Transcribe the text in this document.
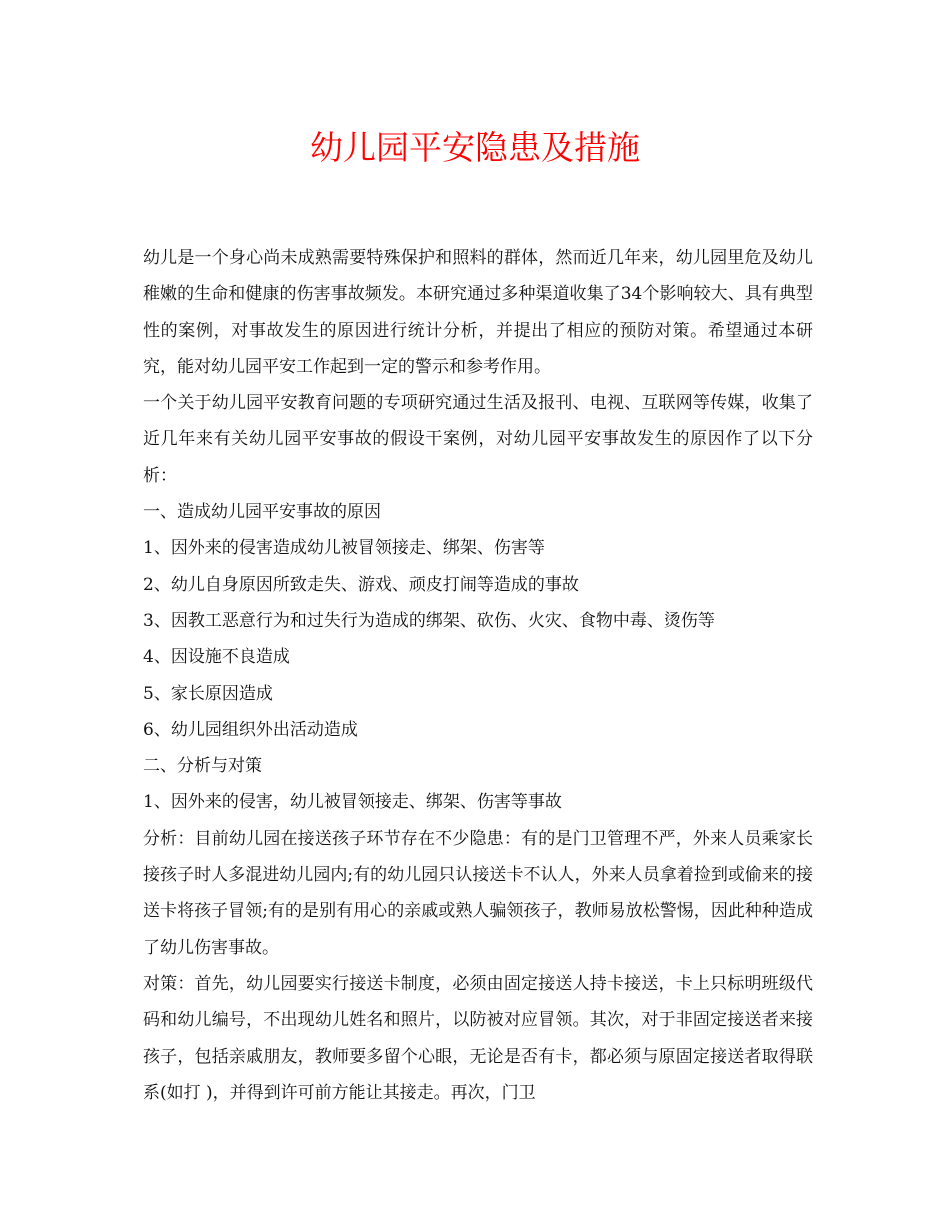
幼儿园平安隐患及措施

幼儿是一个身心尚未成熟需要特殊保护和照料的群体，然而近几年来，幼儿园里危及幼儿稚嫩的生命和健康的伤害事故频发。本研究通过多种渠道收集了34个影响较大、具有典型性的案例，对事故发生的原因进行统计分析，并提出了相应的预防对策。希望通过本研究，能对幼儿园平安工作起到一定的警示和参考作用。

一个关于幼儿园平安教育问题的专项研究通过生活及报刊、电视、互联网等传媒，收集了近几年来有关幼儿园平安事故的假设干案例，对幼儿园平安事故发生的原因作了以下分析：

一、造成幼儿园平安事故的原因

1、因外来的侵害造成幼儿被冒领接走、绑架、伤害等

2、幼儿自身原因所致走失、游戏、顽皮打闹等造成的事故

3、因教工恶意行为和过失行为造成的绑架、砍伤、火灾、食物中毒、烫伤等

4、因设施不良造成

5、家长原因造成

6、幼儿园组织外出活动造成

二、分析与对策

1、因外来的侵害，幼儿被冒领接走、绑架、伤害等事故

分析：目前幼儿园在接送孩子环节存在不少隐患：有的是门卫管理不严，外来人员乘家长接孩子时人多混进幼儿园内;有的幼儿园只认接送卡不认人，外来人员拿着捡到或偷来的接送卡将孩子冒领;有的是别有用心的亲戚或熟人骗领孩子，教师易放松警惕，因此种种造成了幼儿伤害事故。

对策：首先，幼儿园要实行接送卡制度，必须由固定接送人持卡接送，卡上只标明班级代码和幼儿编号，不出现幼儿姓名和照片，以防被对应冒领。其次，对于非固定接送者来接孩子，包括亲戚朋友，教师要多留个心眼，无论是否有卡，都必须与原固定接送者取得联系(如打 )，并得到许可前方能让其接走。再次，门卫
